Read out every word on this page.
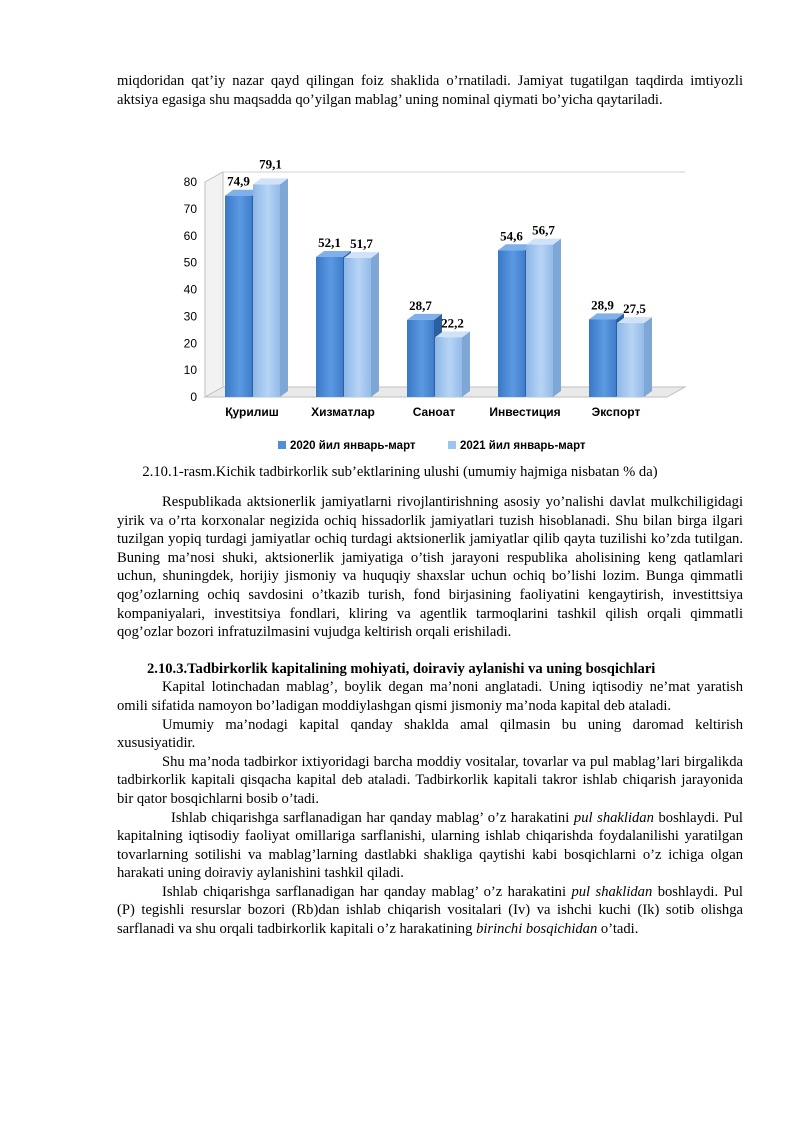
miqdoridan qat’iy nazar qayd qilingan foiz shaklida o’rnatiladi. Jamiyat tugatilgan taqdirda imtiyozli aktsiya egasiga shu maqsadda qo’yilgan mablag’ uning nominal qiymati bo’yicha qaytariladi.

0
10
20
30
40
50
60
70
80 74,9
79,1
52,1 51,7
28,7
22,2
54,6 56,7
28,9 27,5
Қурилиш	Хизматлар	Саноат	Инвестиция	Экспорт
2020 йил январь-март	2021 йил январь-март
2.10.1-rasm.Kichik tadbirkorlik sub’ektlarining ulushi (umumiy hajmiga nisbatan % da)

Respublikada aktsionerlik jamiyatlarni rivojlantirishning asosiy yo’nalishi davlat mulkchiligidagi yirik va o’rta korxonalar negizida ochiq hissadorlik jamiyatlari tuzish hisoblanadi. Shu bilan birga ilgari tuzilgan yopiq turdagi jamiyatlar ochiq turdagi aktsionerlik jamiyatlar qilib qayta tuzilishi ko’zda tutilgan. Buning ma’nosi shuki, aktsionerlik jamiyatiga o’tish jarayoni respublika aholisining keng qatlamlari uchun, shuningdek, horijiy jismoniy va huquqiy shaxslar uchun ochiq bo’lishi lozim. Bunga qimmatli qog’ozlarning ochiq savdosini o’tkazib turish, fond birjasining faoliyatini kengaytirish, investittsiya kompaniyalari, investitsiya fondlari, kliring va agentlik tarmoqlarini tashkil qilish orqali qimmatli qog’ozlar bozori infratuzilmasini vujudga keltirish orqali erishiladi.

2.10.3.Tadbirkorlik kapitalining mohiyati, doiraviy aylanishi va uning bosqichlari

Kapital lotinchadan mablag’, boylik degan ma’noni anglatadi. Uning iqtisodiy ne’mat yaratish omili sifatida namoyon bo’ladigan moddiylashgan qismi jismoniy ma’noda kapital deb ataladi.

Umumiy ma’nodagi kapital qanday shaklda amal qilmasin bu uning daromad keltirish xususiyatidir.

Shu ma’noda tadbirkor ixtiyoridagi barcha moddiy vositalar, tovarlar va pul mablag’lari birgalikda tadbirkorlik kapitali qisqacha kapital deb ataladi. Tadbirkorlik kapitali takror ishlab chiqarish jarayonida bir qator bosqichlarni bosib o’tadi.

Ishlab chiqarishga sarflanadigan har qanday mablag’ o’z harakatini pul shaklidan boshlaydi. Pul kapitalning iqtisodiy faoliyat omillariga sarflanishi, ularning ishlab chiqarishda foydalanilishi yaratilgan tovarlarning sotilishi va mablag’larning dastlabki shakliga qaytishi kabi bosqichlarni o’z ichiga olgan harakati uning doiraviy aylanishini tashkil qiladi.

Ishlab chiqarishga sarflanadigan har qanday mablag’ o’z harakatini pul shaklidan boshlaydi. Pul (P) tegishli resurslar bozori (Rb)dan ishlab chiqarish vositalari (Iv) va ishchi kuchi (Ik) sotib olishga sarflanadi va shu orqali tadbirkorlik kapitali o’z harakatining birinchi bosqichidan o’tadi.
